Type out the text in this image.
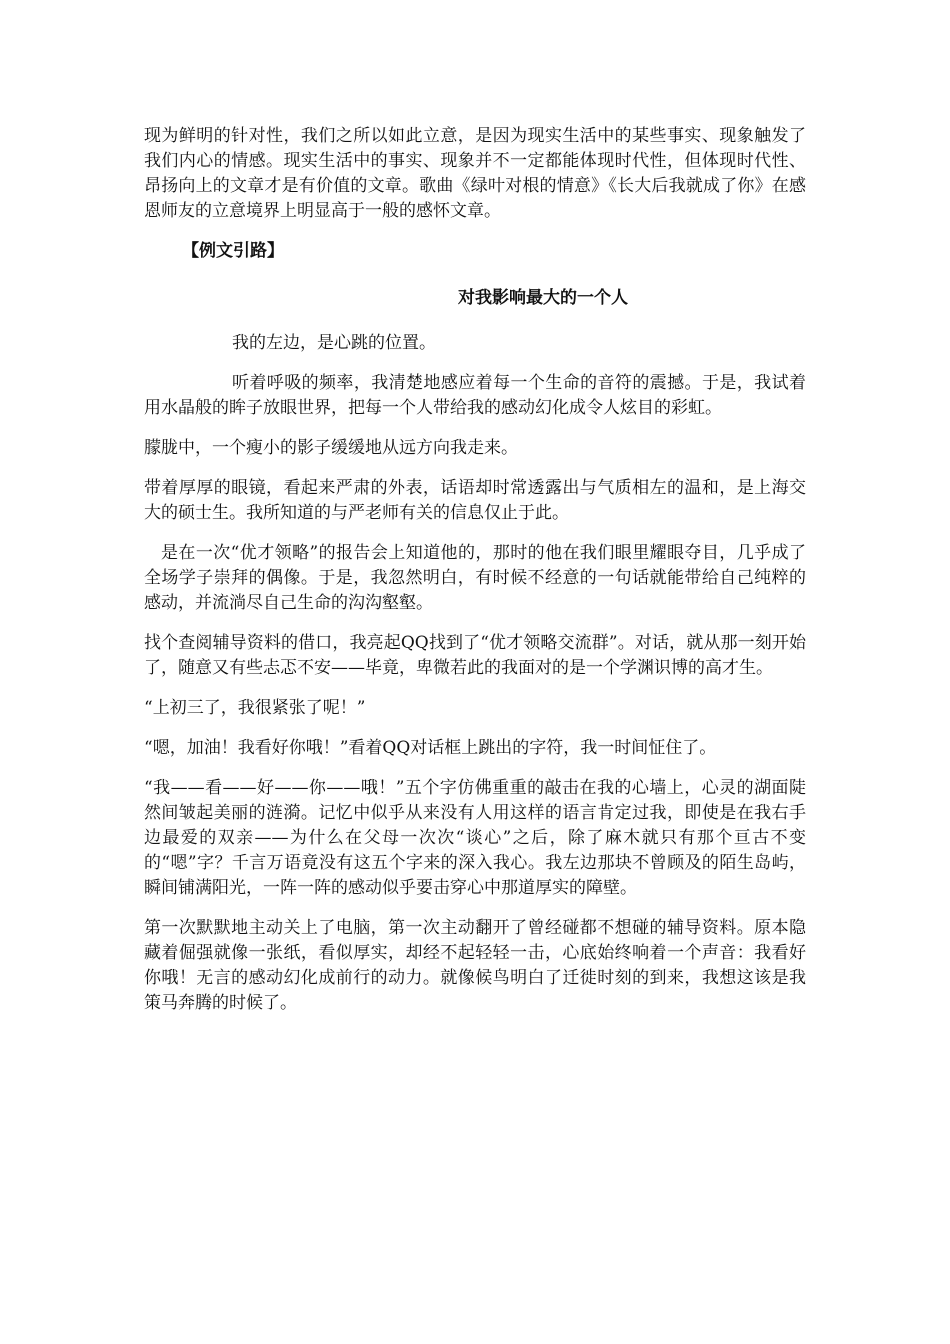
现为鲜明的针对性，我们之所以如此立意，是因为现实生活中的某些事实、现象触发了我们内心的情感。现实生活中的事实、现象并不一定都能体现时代性，但体现时代性、昂扬向上的文章才是有价值的文章。歌曲《绿叶对根的情意》《长大后我就成了你》在感恩师友的立意境界上明显高于一般的感怀文章。

【例文引路】
对我影响最大的一个人

我的左边，是心跳的位置。

听着呼吸的频率，我清楚地感应着每一个生命的音符的震撼。于是，我试着用水晶般的眸子放眼世界，把每一个人带给我的感动幻化成令人炫目的彩虹。

朦胧中，一个瘦小的影子缓缓地从远方向我走来。

带着厚厚的眼镜，看起来严肃的外表，话语却时常透露出与气质相左的温和，是上海交大的硕士生。我所知道的与严老师有关的信息仅止于此。

是在一次“优才领略”的报告会上知道他的，那时的他在我们眼里耀眼夺目，几乎成了全场学子崇拜的偶像。于是，我忽然明白，有时候不经意的一句话就能带给自己纯粹的感动，并流淌尽自己生命的沟沟壑壑。

找个查阅辅导资料的借口，我亮起QQ找到了“优才领略交流群”。对话，就从那一刻开始了，随意又有些忐忑不安——毕竟，卑微若此的我面对的是一个学渊识博的高才生。

“上初三了，我很紧张了呢！”

“嗯，加油！我看好你哦！”看着QQ对话框上跳出的字符，我一时间怔住了。

“我——看——好——你——哦！”五个字仿佛重重的敲击在我的心墙上，心灵的湖面陡然间皱起美丽的涟漪。记忆中似乎从来没有人用这样的语言肯定过我，即使是在我右手边最爱的双亲——为什么在父母一次次“谈心”之后，除了麻木就只有那个亘古不变的“嗯”字？千言万语竟没有这五个字来的深入我心。我左边那块不曾顾及的陌生岛屿，瞬间铺满阳光，一阵一阵的感动似乎要击穿心中那道厚实的障壁。

第一次默默地主动关上了电脑，第一次主动翻开了曾经碰都不想碰的辅导资料。原本隐藏着倔强就像一张纸，看似厚实，却经不起轻轻一击，心底始终响着一个声音：我看好你哦！无言的感动幻化成前行的动力。就像候鸟明白了迁徙时刻的到来，我想这该是我策马奔腾的时候了。
